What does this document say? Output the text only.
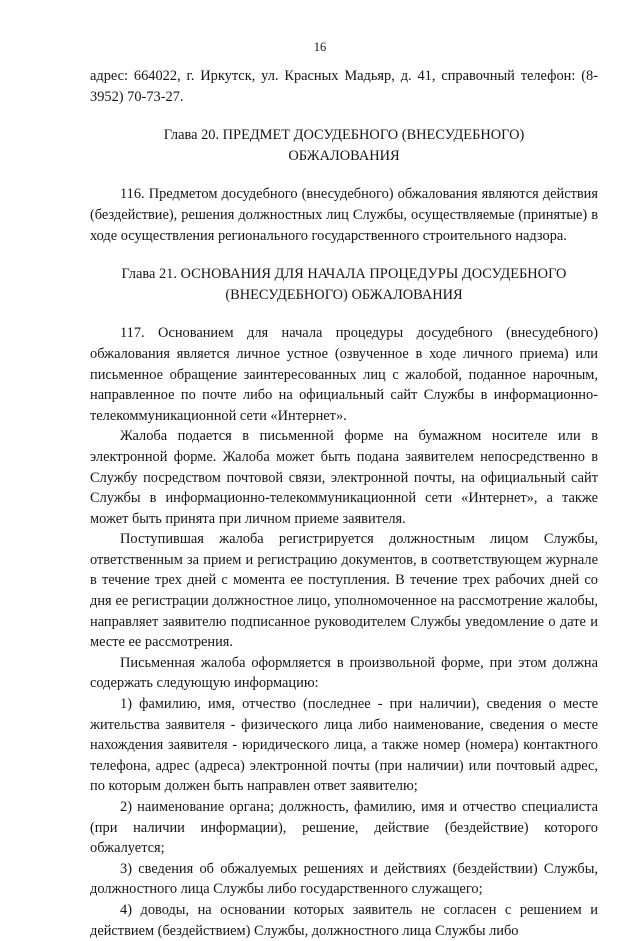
16

адрес: 664022, г. Иркутск, ул. Красных Мадьяр, д. 41, справочный телефон: (8-3952) 70-73-27.

Глава 20. ПРЕДМЕТ ДОСУДЕБНОГО (ВНЕСУДЕБНОГО)
ОБЖАЛОВАНИЯ

116. Предметом досудебного (внесудебного) обжалования являются действия (бездействие), решения должностных лиц Службы, осуществляемые (принятые) в ходе осуществления регионального государственного строительного надзора.

Глава 21. ОСНОВАНИЯ ДЛЯ НАЧАЛА ПРОЦЕДУРЫ ДОСУДЕБНОГО
(ВНЕСУДЕБНОГО) ОБЖАЛОВАНИЯ

117. Основанием для начала процедуры досудебного (внесудебного) обжалования является личное устное (озвученное в ходе личного приема) или письменное обращение заинтересованных лиц с жалобой, поданное нарочным, направленное по почте либо на официальный сайт Службы в информационно-телекоммуникационной сети «Интернет».

Жалоба подается в письменной форме на бумажном носителе или в электронной форме. Жалоба может быть подана заявителем непосредственно в Службу посредством почтовой связи, электронной почты, на официальный сайт Службы в информационно-телекоммуникационной сети «Интернет», а также может быть принята при личном приеме заявителя.

Поступившая жалоба регистрируется должностным лицом Службы, ответственным за прием и регистрацию документов, в соответствующем журнале в течение трех дней с момента ее поступления. В течение трех рабочих дней со дня ее регистрации должностное лицо, уполномоченное на рассмотрение жалобы, направляет заявителю подписанное руководителем Службы уведомление о дате и месте ее рассмотрения.

Письменная жалоба оформляется в произвольной форме, при этом должна содержать следующую информацию:

1) фамилию, имя, отчество (последнее - при наличии), сведения о месте жительства заявителя - физического лица либо наименование, сведения о месте нахождения заявителя - юридического лица, а также номер (номера) контактного телефона, адрес (адреса) электронной почты (при наличии) или почтовый адрес, по которым должен быть направлен ответ заявителю;

2) наименование органа; должность, фамилию, имя и отчество специалиста (при наличии информации), решение, действие (бездействие) которого обжалуется;

3) сведения об обжалуемых решениях и действиях (бездействии) Службы, должностного лица Службы либо государственного служащего;

4) доводы, на основании которых заявитель не согласен с решением и действием (бездействием) Службы, должностного лица Службы либо
